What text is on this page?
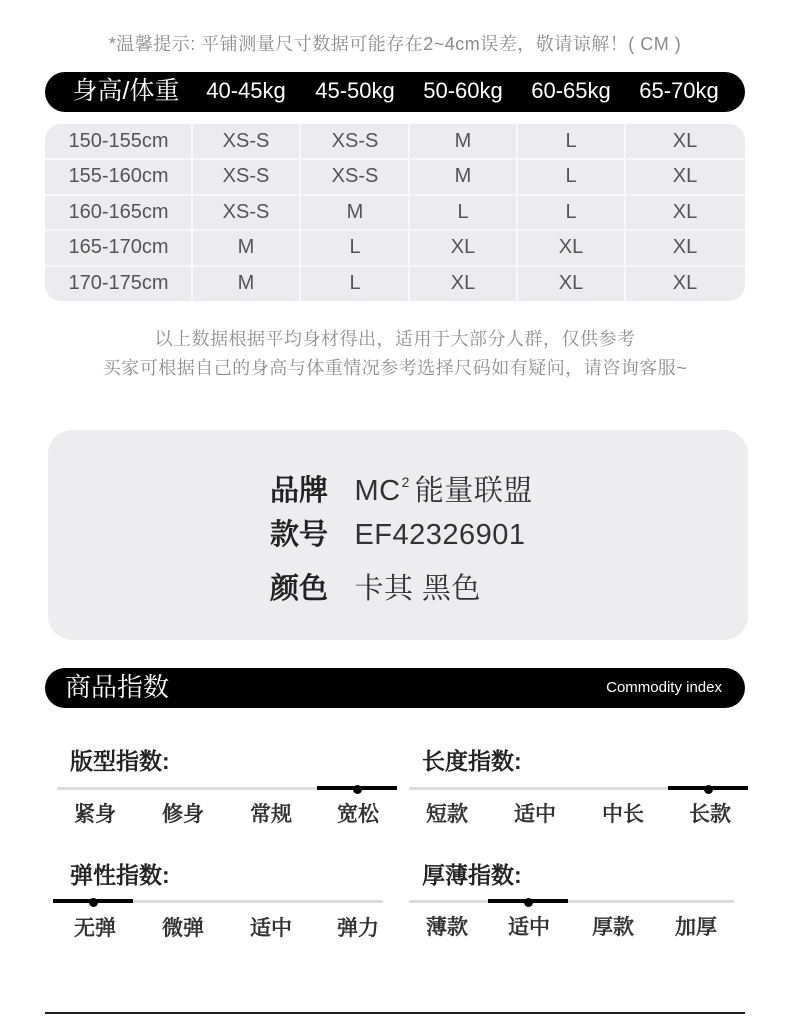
*温馨提示: 平铺测量尺寸数据可能存在2~4cm误差，敬请谅解！( CM )
身高/体重	40-45kg	45-50kg	50-60kg	60-65kg	65-70kg
150-155cm	XS-S	XS-S	M	L	XL
155-160cm	XS-S	XS-S	M	L	XL
160-165cm	XS-S	M	L	L	XL
165-170cm	M	L	XL	XL	XL
170-175cm	M	L	XL	XL	XL
以上数据根据平均身材得出，适用于大部分人群，仅供参考
买家可根据自己的身高与体重情况参考选择尺码如有疑问，请咨询客服~
品牌 $MC^2$ 能量联盟
款号 EF42326901
颜色 卡其 黑色
商品指数	Commodity index
版型指数:
紧身	修身	常规	宽松
长度指数:
短款	适中	中长	长款
弹性指数:
无弹	微弹	适中	弹力
厚薄指数:
薄款	适中	厚款	加厚
